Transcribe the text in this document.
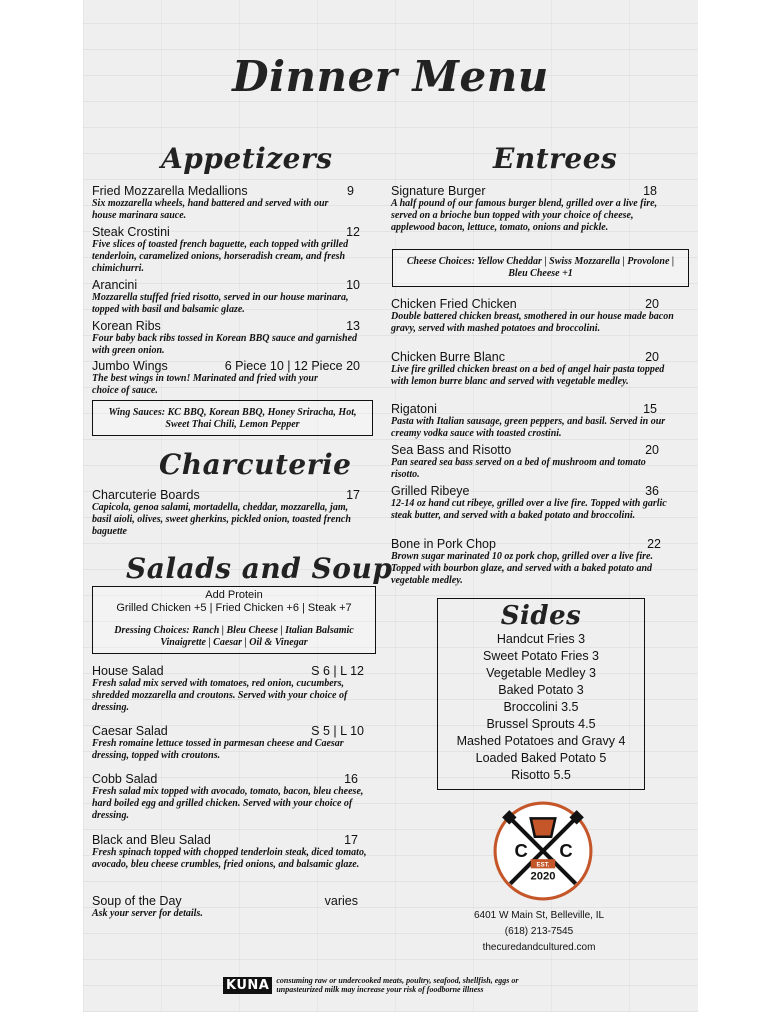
Dinner Menu
Appetizers
Fried Mozzarella Medallions	9
Six mozzarella wheels, hand battered and served with our house marinara sauce.
Steak Crostini	12
Five slices of toasted french baguette, each topped with grilled tenderloin, caramelized onions, horseradish cream, and fresh chimichurri.
Arancini	10
Mozzarella stuffed fried risotto, served in our house marinara, topped with basil and balsamic glaze.
Korean Ribs	13
Four baby back ribs tossed in Korean BBQ sauce and garnished with green onion.
Jumbo Wings	6 Piece 10 | 12 Piece 20
The best wings in town! Marinated and fried with your choice of sauce.
Wing Sauces: KC BBQ, Korean BBQ, Honey Sriracha, Hot, Sweet Thai Chili, Lemon Pepper
Charcuterie
Charcuterie Boards	17
Capicola, genoa salami, mortadella, cheddar, mozzarella, jam, basil aioli, olives, sweet gherkins, pickled onion, toasted french baguette
Salads and Soup
Add Protein
Grilled Chicken +5 | Fried Chicken +6 | Steak +7
Dressing Choices: Ranch | Bleu Cheese | Italian Balsamic Vinaigrette | Caesar | Oil & Vinegar
House Salad	S 6 | L 12
Fresh salad mix served with tomatoes, red onion, cucumbers, shredded mozzarella and croutons. Served with your choice of dressing.
Caesar Salad	S 5 | L 10
Fresh romaine lettuce tossed in parmesan cheese and Caesar dressing, topped with croutons.
Cobb Salad	16
Fresh salad mix topped with avocado, tomato, bacon, bleu cheese, hard boiled egg and grilled chicken. Served with your choice of dressing.
Black and Bleu Salad	17
Fresh spinach topped with chopped tenderloin steak, diced tomato, avocado, bleu cheese crumbles, fried onions, and balsamic glaze.
Soup of the Day	varies
Ask your server for details.
Entrees
Signature Burger	18
A half pound of our famous burger blend, grilled over a live fire, served on a brioche bun topped with your choice of cheese, applewood bacon, lettuce, tomato, onions and pickle.
Cheese Choices: Yellow Cheddar | Swiss Mozzarella | Provolone | Bleu Cheese +1
Chicken Fried Chicken	20
Double battered chicken breast, smothered in our house made bacon gravy, served with mashed potatoes and broccolini.
Chicken Burre Blanc	20
Live fire grilled chicken breast on a bed of angel hair pasta topped with lemon burre blanc and served with vegetable medley.
Rigatoni	15
Pasta with Italian sausage, green peppers, and basil. Served in our creamy vodka sauce with toasted crostini.
Sea Bass and Risotto	20
Pan seared sea bass served on a bed of mushroom and tomato risotto.
Grilled Ribeye	36
12-14 oz hand cut ribeye, grilled over a live fire. Topped with garlic steak butter, and served with a baked potato and broccolini.
Bone in Pork Chop	22
Brown sugar marinated 10 oz pork chop, grilled over a live fire. Topped with bourbon glaze, and served with a baked potato and vegetable medley.
Sides
Handcut Fries 3
Sweet Potato Fries 3
Vegetable Medley 3
Baked Potato 3
Broccolini 3.5
Brussel Sprouts 4.5
Mashed Potatoes and Gravy 4
Loaded Baked Potato 5
Risotto 5.5
C C
EST.
2020
6401 W Main St, Belleville, IL
(618) 213-7545
thecuredandcultured.com
KUNA consuming raw or undercooked meats, poultry, seafood, shellfish, eggs or unpasteurized milk may increase your risk of foodborne illness
